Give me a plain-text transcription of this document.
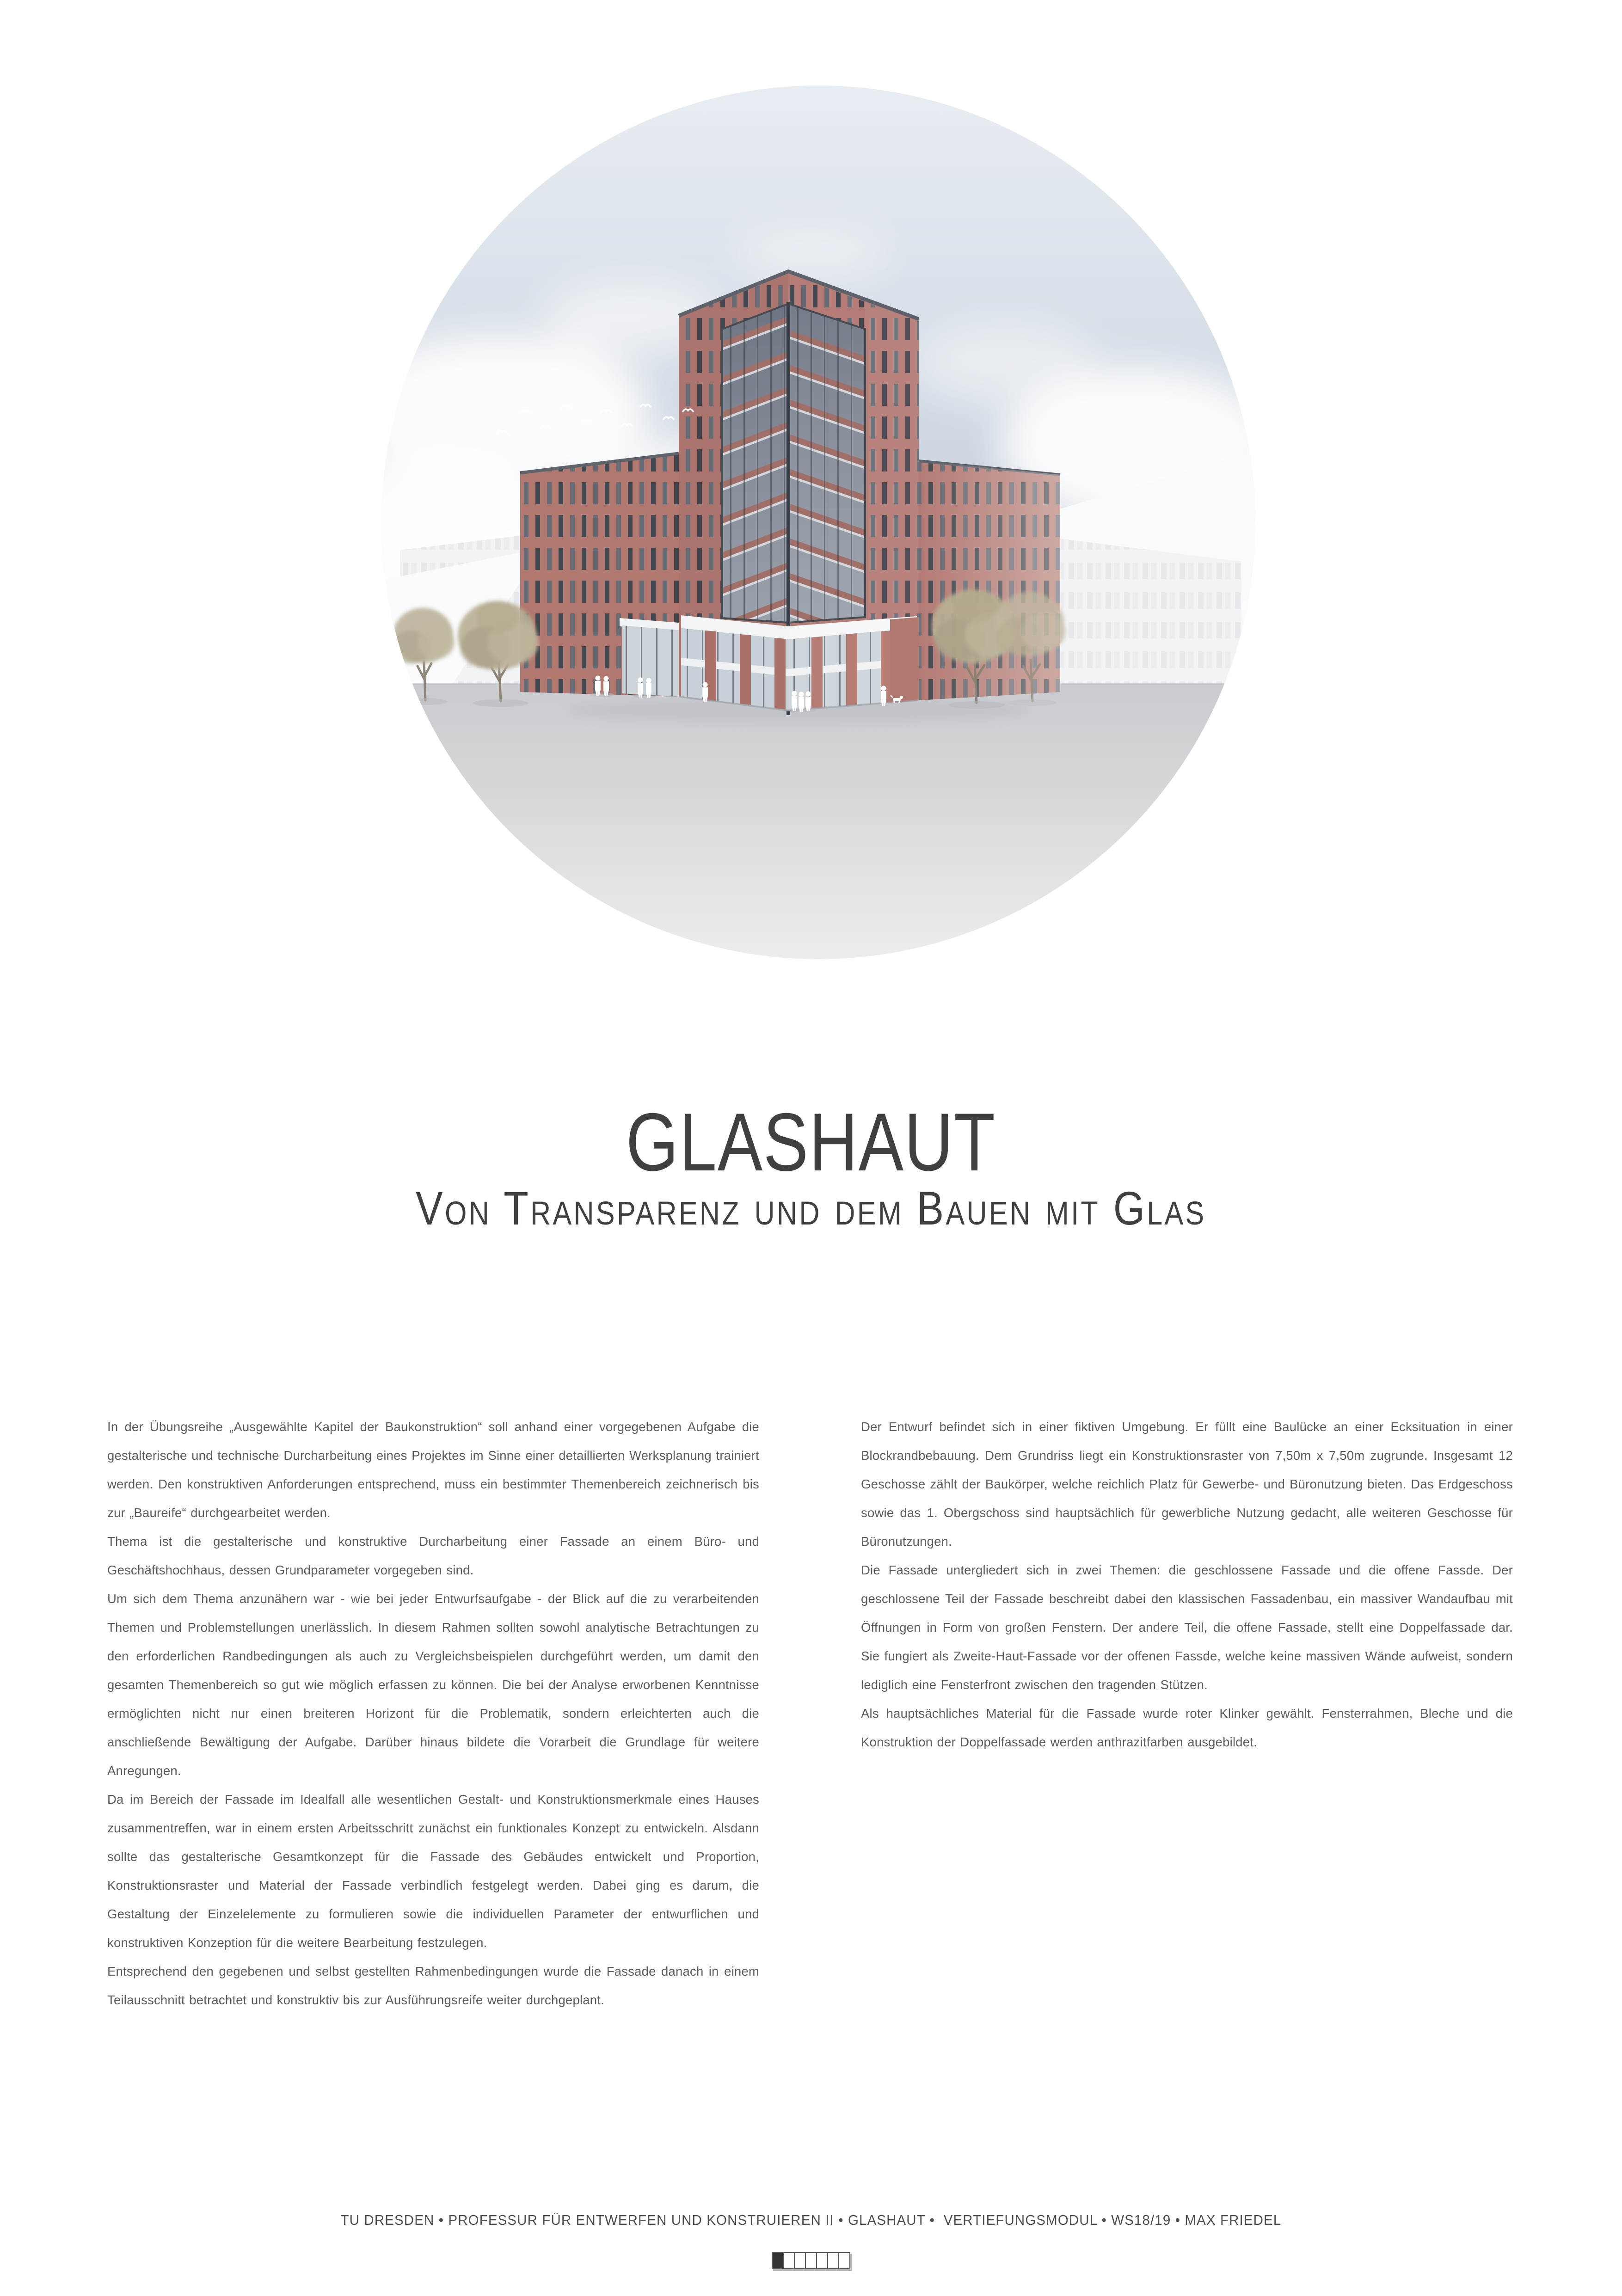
GLASHAUT
Von Transparenz und dem Bauen mit Glas

In der Übungsreihe „Ausgewählte Kapitel der Baukonstruktion“ soll anhand einer vorgegebenen Aufgabe die gestalterische und technische Durcharbeitung eines Projektes im Sinne einer detaillierten Werksplanung trainiert werden. Den konstruktiven Anforderungen entsprechend, muss ein bestimmter Themenbereich zeichnerisch bis zur „Baureife“ durchgearbeitet werden.

Thema ist die gestalterische und konstruktive Durcharbeitung einer Fassade an einem Büro- und Geschäftshochhaus, dessen Grundparameter vorgegeben sind.

Um sich dem Thema anzunähern war - wie bei jeder Entwurfsaufgabe - der Blick auf die zu verarbeitenden Themen und Problemstellungen unerlässlich. In diesem Rahmen sollten sowohl analytische Betrachtungen zu den erforderlichen Randbedingungen als auch zu Vergleichsbeispielen durchgeführt werden, um damit den gesamten Themenbereich so gut wie möglich erfassen zu können. Die bei der Analyse erworbenen Kenntnisse ermöglichten nicht nur einen breiteren Horizont für die Problematik, sondern erleichterten auch die anschließende Bewältigung der Aufgabe. Darüber hinaus bildete die Vorarbeit die Grundlage für weitere Anregungen.

Da im Bereich der Fassade im Idealfall alle wesentlichen Gestalt- und Konstruktionsmerkmale eines Hauses zusammentreffen, war in einem ersten Arbeitsschritt zunächst ein funktionales Konzept zu entwickeln. Alsdann sollte das gestalterische Gesamtkonzept für die Fassade des Gebäudes entwickelt und Proportion, Konstruktionsraster und Material der Fassade verbindlich festgelegt werden. Dabei ging es darum, die Gestaltung der Einzelelemente zu formulieren sowie die individuellen Parameter der entwurflichen und konstruktiven Konzeption für die weitere Bearbeitung festzulegen.

Entsprechend den gegebenen und selbst gestellten Rahmenbedingungen wurde die Fassade danach in einem Teilausschnitt betrachtet und konstruktiv bis zur Ausführungsreife weiter durchgeplant.

Der Entwurf befindet sich in einer fiktiven Umgebung. Er füllt eine Baulücke an einer Ecksituation in einer Blockrandbebauung. Dem Grundriss liegt ein Konstruktionsraster von 7,50m x 7,50m zugrunde. Insgesamt 12 Geschosse zählt der Baukörper, welche reichlich Platz für Gewerbe- und Büronutzung bieten. Das Erdgeschoss sowie das 1. Obergschoss sind hauptsächlich für gewerbliche Nutzung gedacht, alle weiteren Geschosse für Büronutzungen.

Die Fassade untergliedert sich in zwei Themen: die geschlossene Fassade und die offene Fassde. Der geschlossene Teil der Fassade beschreibt dabei den klassischen Fassadenbau, ein massiver Wandaufbau mit Öffnungen in Form von großen Fenstern. Der andere Teil, die offene Fassade, stellt eine Doppelfassade dar. Sie fungiert als Zweite-Haut-Fassade vor der offenen Fassde, welche keine massiven Wände aufweist, sondern lediglich eine Fensterfront zwischen den tragenden Stützen.

Als hauptsächliches Material für die Fassade wurde roter Klinker gewählt. Fensterrahmen, Bleche und die Konstruktion der Doppelfassade werden anthrazitfarben ausgebildet.

TU DRESDEN • PROFESSUR FÜR ENTWERFEN UND KONSTRUIEREN II • GLASHAUT •  VERTIEFUNGSMODUL • WS18/19 • MAX FRIEDEL
